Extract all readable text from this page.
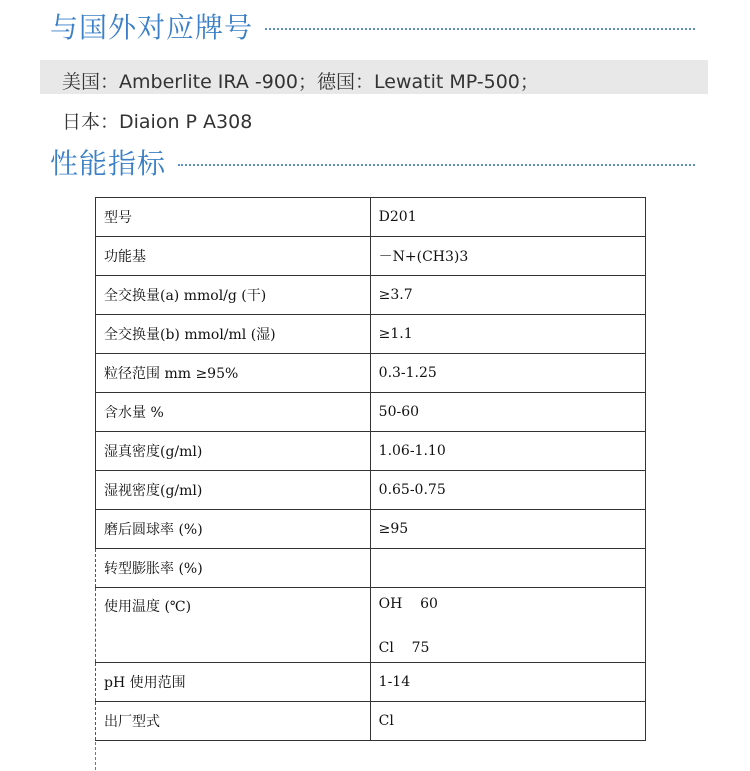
与国外对应牌号
美国：Amberlite IRA -900；德国：Lewatit MP-500；
日本：Diaion P A308
性能指标
型号	D201
功能基	－N+(CH3)3
全交换量(a) mmol/g (干)	≥3.7
全交换量(b) mmol/ml (湿)	≥1.1
粒径范围 mm ≥95%	0.3-1.25
含水量 %	50-60
湿真密度(g/ml)	1.06-1.10
湿视密度(g/ml)	0.65-0.75
磨后圆球率 (%)	≥95
转型膨胀率 (%)	
使用温度 (℃)	OH    60
Cl    75

pH 使用范围	1-14
出厂型式	Cl
